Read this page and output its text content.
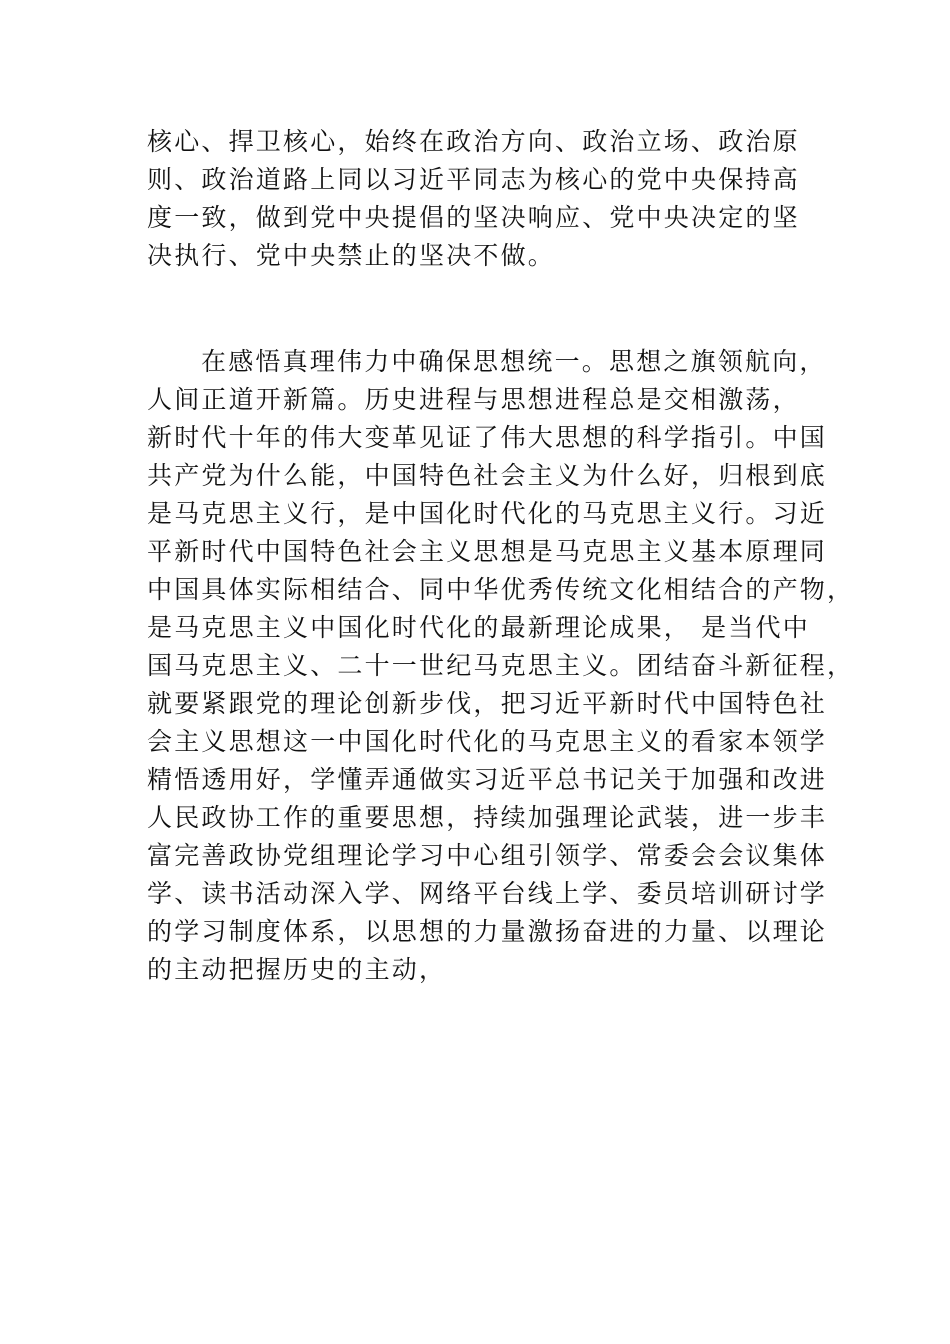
核心、捍卫核心，始终在政治方向、政治立场、政治原
则、政治道路上同以习近平同志为核心的党中央保持高
度一致，做到党中央提倡的坚决响应、党中央决定的坚
决执行、党中央禁止的坚决不做。
在感悟真理伟力中确保思想统一。思想之旗领航向，
人间正道开新篇。历史进程与思想进程总是交相激荡，
新时代十年的伟大变革见证了伟大思想的科学指引。中国
共产党为什么能，中国特色社会主义为什么好，归根到底
是马克思主义行，是中国化时代化的马克思主义行。习近
平新时代中国特色社会主义思想是马克思主义基本原理同
中国具体实际相结合、同中华优秀传统文化相结合的产物，
是马克思主义中国化时代化的最新理论成果， 是当代中
国马克思主义、二十一世纪马克思主义。团结奋斗新征程，
就要紧跟党的理论创新步伐，把习近平新时代中国特色社
会主义思想这一中国化时代化的马克思主义的看家本领学
精悟透用好，学懂弄通做实习近平总书记关于加强和改进
人民政协工作的重要思想，持续加强理论武装，进一步丰
富完善政协党组理论学习中心组引领学、常委会会议集体
学、读书活动深入学、网络平台线上学、委员培训研讨学
的学习制度体系，以思想的力量激扬奋进的力量、以理论
的主动把握历史的主动，
